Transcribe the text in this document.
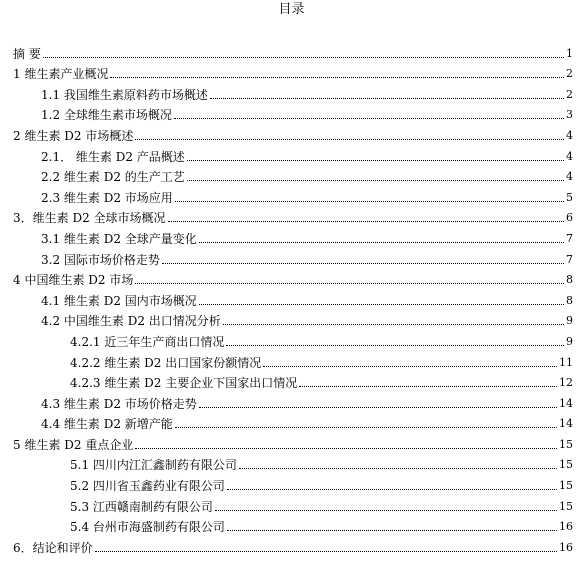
目录
摘 要	1
1 维生素产业概况	2
1.1 我国维生素原料药市场概述	2
1.2 全球维生素市场概况	3
2 维生素 D2 市场概述	4
2.1． 维生素 D2 产品概述	4
2.2 维生素 D2 的生产工艺	4
2.3 维生素 D2 市场应用	5
3．维生素 D2 全球市场概况	6
3.1 维生素 D2 全球产量变化	7
3.2 国际市场价格走势	7
4 中国维生素 D2 市场	8
4.1 维生素 D2 国内市场概况	8
4.2 中国维生素 D2 出口情况分析	9
4.2.1 近三年生产商出口情况	9
4.2.2 维生素 D2 出口国家份额情况	11
4.2.3 维生素 D2 主要企业下国家出口情况	12
4.3 维生素 D2 市场价格走势	14
4.4 维生素 D2 新增产能	14
5 维生素 D2 重点企业	15
5.1 四川内江汇鑫制药有限公司	15
5.2 四川省玉鑫药业有限公司	15
5.3 江西赣南制药有限公司	15
5.4 台州市海盛制药有限公司	16
6．结论和评价	16
